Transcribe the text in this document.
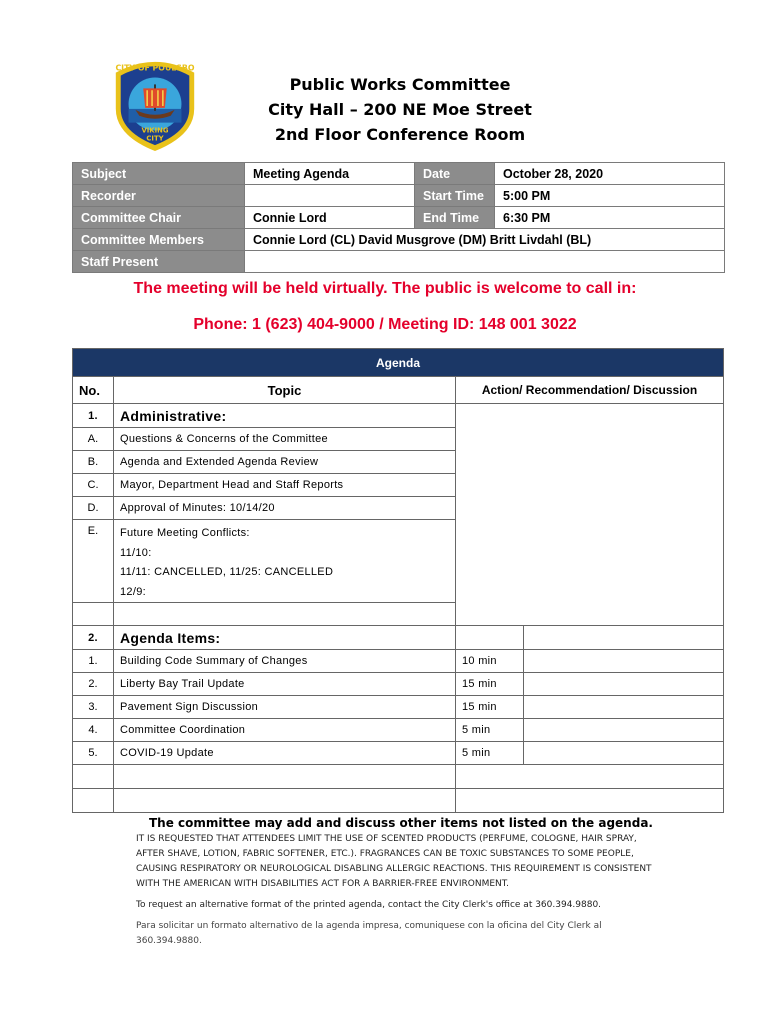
CITY OF POULSBO
VIKING
CITY
Public Works Committee
City Hall – 200 NE Moe Street
2nd Floor Conference Room
Subject	Meeting Agenda	Date	October 28, 2020
Recorder		Start Time	5:00 PM
Committee Chair	Connie Lord	End Time	6:30 PM
Committee Members	Connie Lord (CL) David Musgrove (DM) Britt Livdahl (BL)		
Staff Present			
The meeting will be held virtually. The public is welcome to call in:
Phone: 1 (623) 404-9000 / Meeting ID: 148 001 3022
Agenda			
No.	Topic	Action/ Recommendation/ Discussion	
1.	Administrative:		
A.	Questions & Concerns of the Committee		
B.	Agenda and Extended Agenda Review		
C.	Mayor, Department Head and Staff Reports		
D.	Approval of Minutes: 10/14/20		
E.	Future Meeting Conflicts:
11/10:
11/11: CANCELLED, 11/25: CANCELLED
12/9:		

2.	Agenda Items:		
1.	Building Code Summary of Changes	10 min	
2.	Liberty Bay Trail Update	15 min	
3.	Pavement Sign Discussion	15 min	
4.	Committee Coordination	5 min	
5.	COVID-19 Update	5 min	

The committee may add and discuss other items not listed on the agenda.

IT IS REQUESTED THAT ATTENDEES LIMIT THE USE OF SCENTED PRODUCTS (PERFUME, COLOGNE, HAIR SPRAY, AFTER SHAVE, LOTION, FABRIC SOFTENER, ETC.). FRAGRANCES CAN BE TOXIC SUBSTANCES TO SOME PEOPLE, CAUSING RESPIRATORY OR NEUROLOGICAL DISABLING ALLERGIC REACTIONS. THIS REQUIREMENT IS CONSISTENT WITH THE AMERICAN WITH DISABILITIES ACT FOR A BARRIER-FREE ENVIRONMENT.

To request an alternative format of the printed agenda, contact the City Clerk's office at 360.394.9880.

Para solicitar un formato alternativo de la agenda impresa, comuniquese con la oficina del City Clerk al 360.394.9880.
